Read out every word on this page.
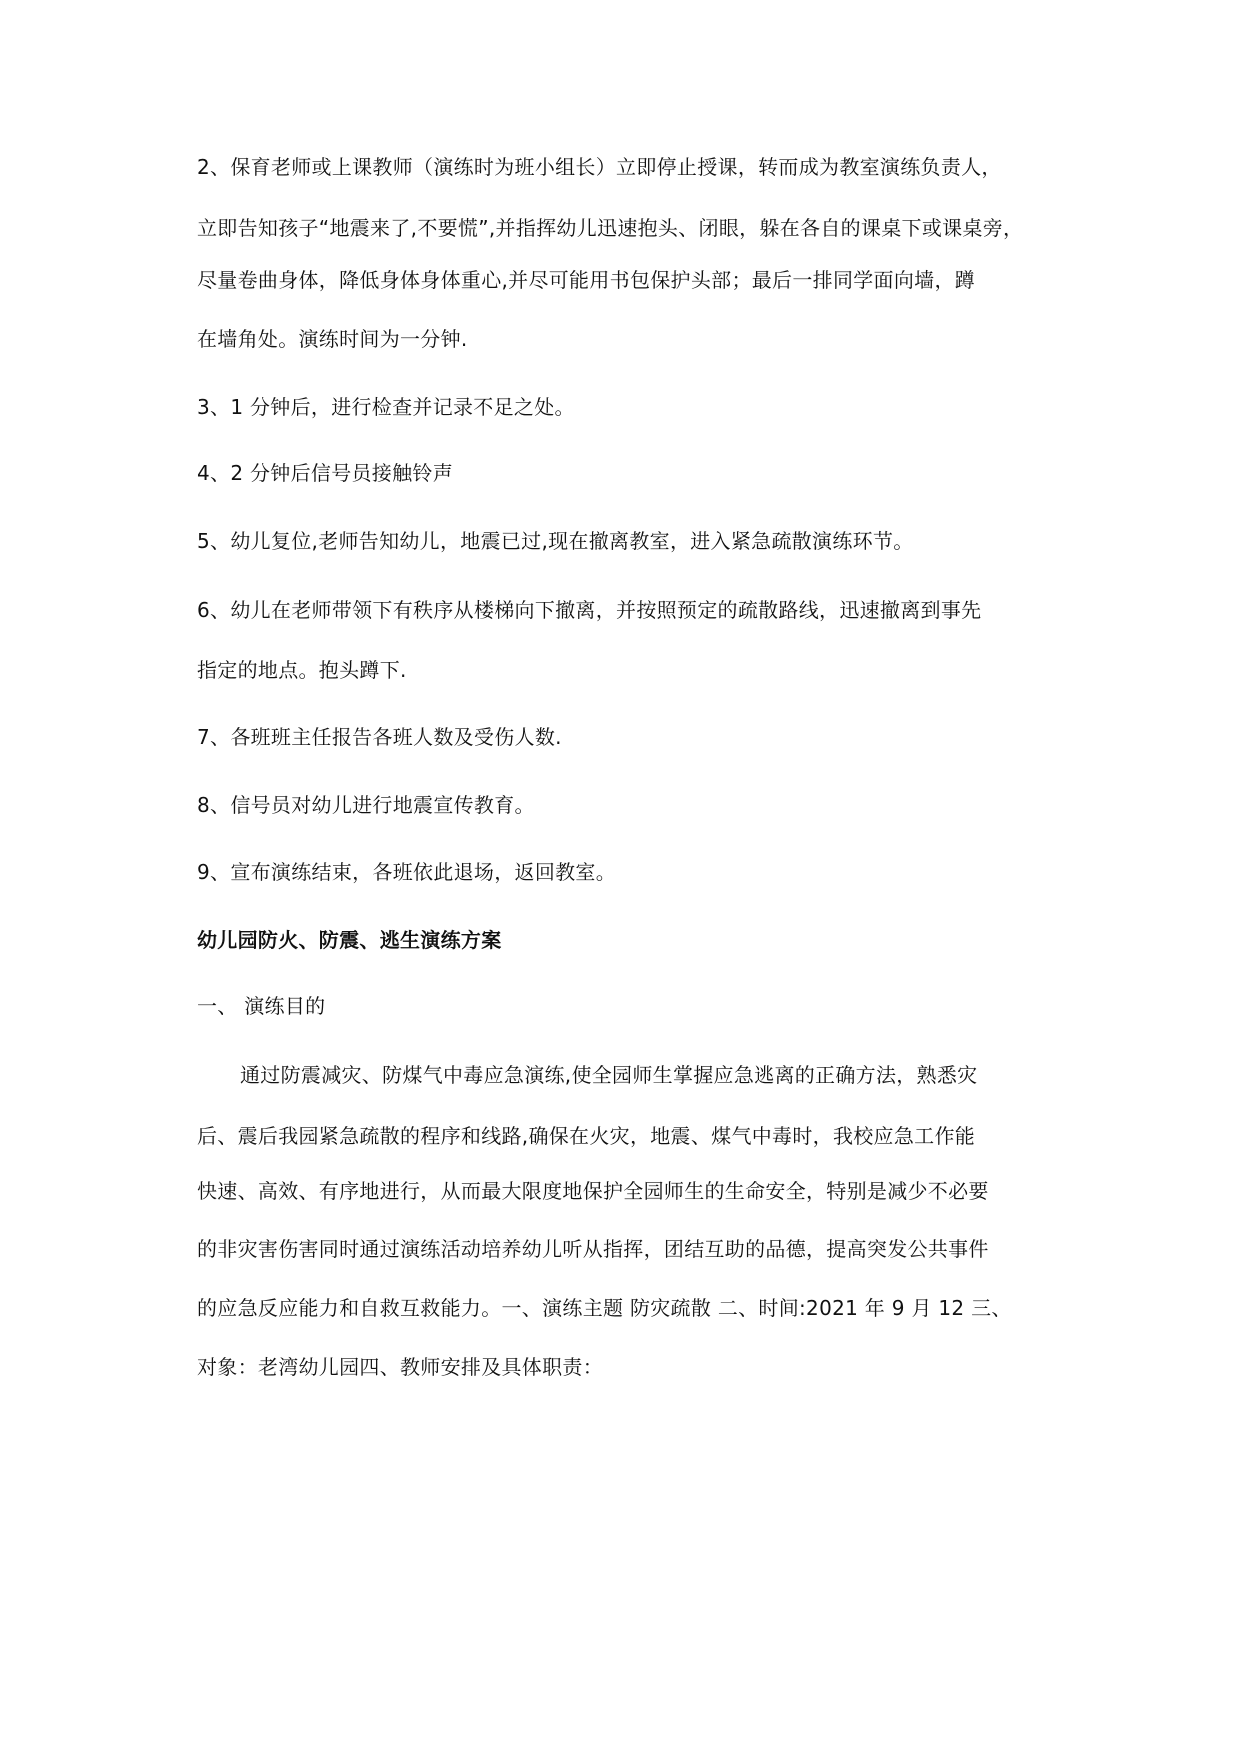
2、保育老师或上课教师（演练时为班小组长）立即停止授课，转而成为教室演练负责人，
立即告知孩子“地震来了,不要慌”,并指挥幼儿迅速抱头、闭眼，躲在各自的课桌下或课桌旁，
尽量卷曲身体，降低身体身体重心,并尽可能用书包保护头部；最后一排同学面向墙，蹲
在墙角处。演练时间为一分钟.
3、1 分钟后，进行检查并记录不足之处。
4、2 分钟后信号员接触铃声
5、幼儿复位,老师告知幼儿，地震已过,现在撤离教室，进入紧急疏散演练环节。
6、幼儿在老师带领下有秩序从楼梯向下撤离，并按照预定的疏散路线，迅速撤离到事先
指定的地点。抱头蹲下.
7、各班班主任报告各班人数及受伤人数.
8、信号员对幼儿进行地震宣传教育。
9、宣布演练结束，各班依此退场，返回教室。
幼儿园防火、防震、逃生演练方案
一、 演练目的
通过防震减灾、防煤气中毒应急演练,使全园师生掌握应急逃离的正确方法，熟悉灾
后、震后我园紧急疏散的程序和线路,确保在火灾，地震、煤气中毒时，我校应急工作能
快速、高效、有序地进行，从而最大限度地保护全园师生的生命安全，特别是减少不必要
的非灾害伤害同时通过演练活动培养幼儿听从指挥，团结互助的品德，提高突发公共事件
的应急反应能力和自救互救能力。一、演练主题 防灾疏散 二、时间:2021 年 9 月 12 三、
对象：老湾幼儿园四、教师安排及具体职责：
